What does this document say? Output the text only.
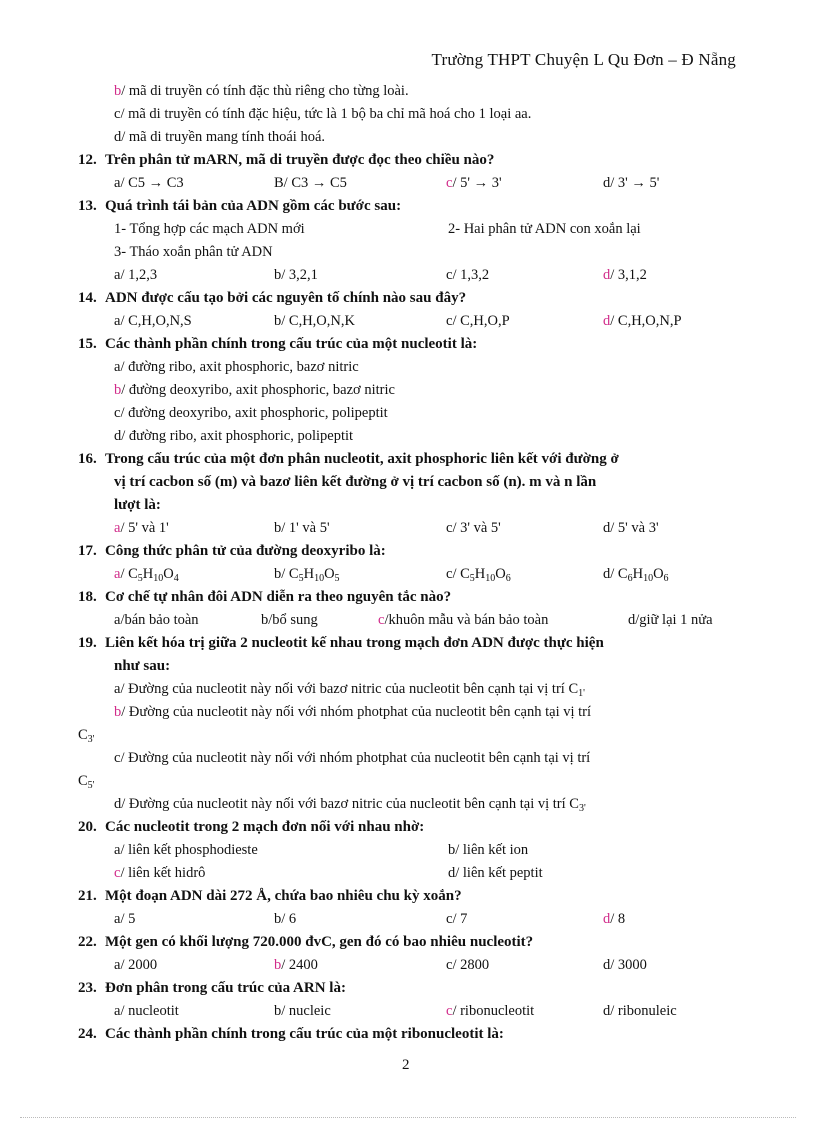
Trường THPT Chuyện L Qu Đơn – Đ Nẵng
b/ mã di truyền có tính đặc thù riêng cho từng loài.
c/ mã di truyền có tính đặc hiệu, tức là 1 bộ ba chỉ mã hoá cho 1 loại aa.
d/ mã di truyền mang tính thoái hoá.
12. Trên phân tử mARN, mã di truyền được đọc theo chiều nào?
a/ C5 → C3	B/ C3 → C5	c/ 5' → 3'	d/ 3' → 5'
13. Quá trình tái bản của ADN gồm các bước sau:
1- Tổng hợp các mạch ADN mới	2- Hai phân tử ADN con xoắn lại
3- Tháo xoắn phân tử ADN
a/ 1,2,3	b/ 3,2,1	c/ 1,3,2	d/ 3,1,2
14. ADN được cấu tạo bởi các nguyên tố chính nào sau đây?
a/ C,H,O,N,S	b/ C,H,O,N,K	c/ C,H,O,P	d/ C,H,O,N,P
15. Các thành phần chính trong cấu trúc của một nucleotit là:
a/ đường ribo, axit phosphoric, bazơ nitric
b/ đường deoxyribo, axit phosphoric, bazơ nitric
c/ đường deoxyribo, axit phosphoric, polipeptit
d/ đường ribo, axit phosphoric, polipeptit
16. Trong cấu trúc của một đơn phân nucleotit, axit phosphoric liên kết với đường ở
vị trí cacbon số (m) và bazơ liên kết đường ở vị trí cacbon số (n). m và n lần
lượt là:
a/ 5' và 1'	b/ 1' và 5'	c/ 3' và 5'	d/ 5' và 3'
17. Công thức phân tử của đường deoxyribo là:
a/ $C_5H_{10}O_4$	b/ $C_5H_{10}O_5$	c/ $C_5H_{10}O_6$	d/ $C_6H_{10}O_6$
18. Cơ chế tự nhân đôi ADN diễn ra theo nguyên tắc nào?
a/bán bảo toàn	b/bổ sung	c/khuôn mẫu và bán bảo toàn	d/giữ lại 1 nửa
19. Liên kết hóa trị giữa 2 nucleotit kế nhau trong mạch đơn ADN được thực hiện
như sau:
a/ Đường của nucleotit này nối với bazơ nitric của nucleotit bên cạnh tại vị trí $C_{1'}$
b/ Đường của nucleotit này nối với nhóm photphat của nucleotit bên cạnh tại vị trí
$C_{3'}$
c/ Đường của nucleotit này nối với nhóm photphat của nucleotit bên cạnh tại vị trí
$C_{5'}$
d/ Đường của nucleotit này nối với bazơ nitric của nucleotit bên cạnh tại vị trí $C_{3'}$
20. Các nucleotit trong 2 mạch đơn nối với nhau nhờ:
a/ liên kết phosphodieste	b/ liên kết ion
c/ liên kết hidrô	d/ liên kết peptit
21. Một đoạn ADN dài 272 Å, chứa bao nhiêu chu kỳ xoắn?
a/ 5	b/ 6	c/ 7	d/ 8
22. Một gen có khối lượng 720.000 đvC, gen đó có bao nhiêu nucleotit?
a/ 2000	b/ 2400	c/ 2800	d/ 3000
23. Đơn phân trong cấu trúc của ARN là:
a/ nucleotit	b/ nucleic	c/ ribonucleotit	d/ ribonuleic
24. Các thành phần chính trong cấu trúc của một ribonucleotit là:
2
